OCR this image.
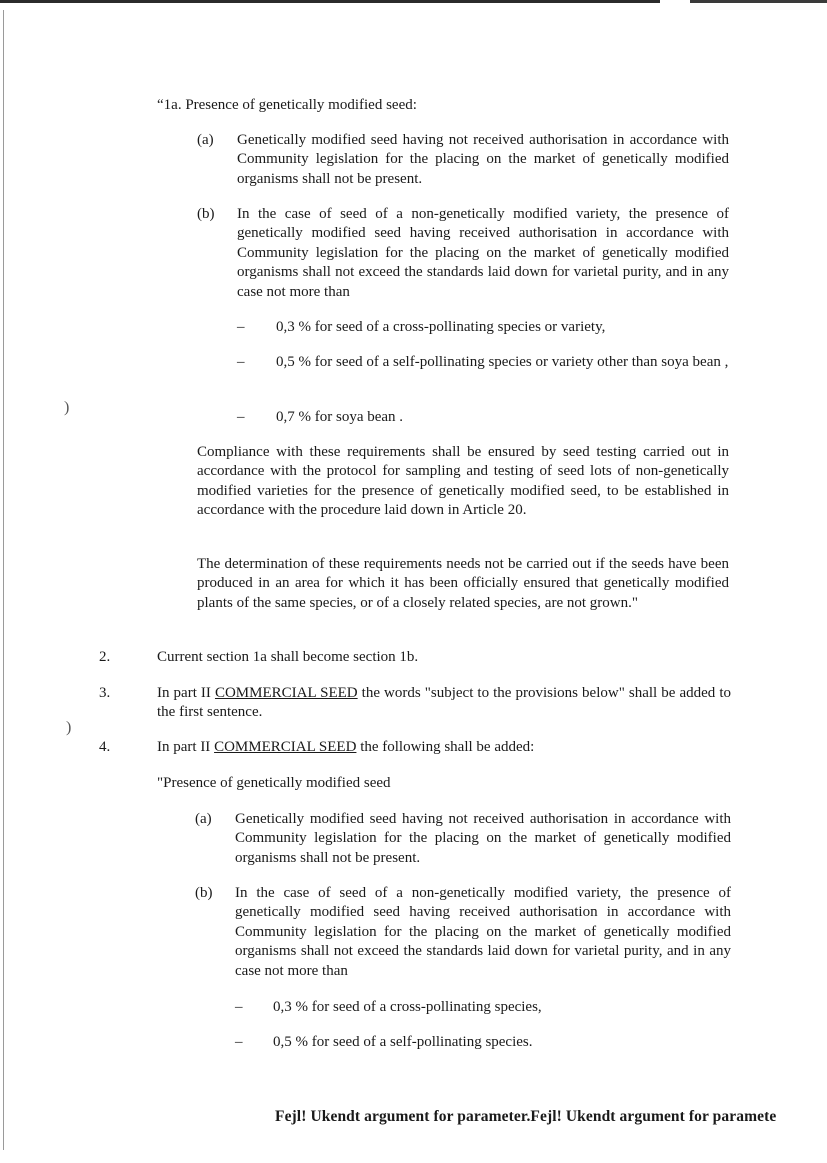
)
)

“1a. Presence of genetically modified seed:

(a) Genetically modified seed having not received authorisation in accordance with Community legislation for the placing on the market of genetically modified organisms shall not be present.

(b) In the case of seed of a non-genetically modified variety, the presence of genetically modified seed having received authorisation in accordance with Community legislation for the placing on the market of genetically modified organisms shall not exceed the standards laid down for varietal purity, and in any case not more than

– 0,3 % for seed of a cross-pollinating species or variety,

– 0,5 % for seed of a self-pollinating species or variety other than soya bean ,

– 0,7 % for soya bean .

Compliance with these requirements shall be ensured by seed testing carried out in accordance with the protocol for sampling and testing of seed lots of non-genetically modified varieties for the presence of genetically modified seed, to be established in accordance with the procedure laid down in Article 20.

The determination of these requirements needs not be carried out if the seeds have been produced in an area for which it has been officially ensured that genetically modified plants of the same species, or of a closely related species, are not grown."

2.	Current section 1a shall become section 1b.

3.	In part II COMMERCIAL SEED the words "subject to the provisions below" shall be added to the first sentence.

4.	In part II COMMERCIAL SEED the following shall be added:

"Presence of genetically modified seed

(a) Genetically modified seed having not received authorisation in accordance with Community legislation for the placing on the market of genetically modified organisms shall not be present.

(b) In the case of seed of a non-genetically modified variety, the presence of genetically modified seed having received authorisation in accordance with Community legislation for the placing on the market of genetically modified organisms shall not exceed the standards laid down for varietal purity, and in any case not more than

– 0,3 % for seed of a cross-pollinating species,

– 0,5 % for seed of a self-pollinating species.

Fejl! Ukendt argument for parameter.Fejl! Ukendt argument for paramete
